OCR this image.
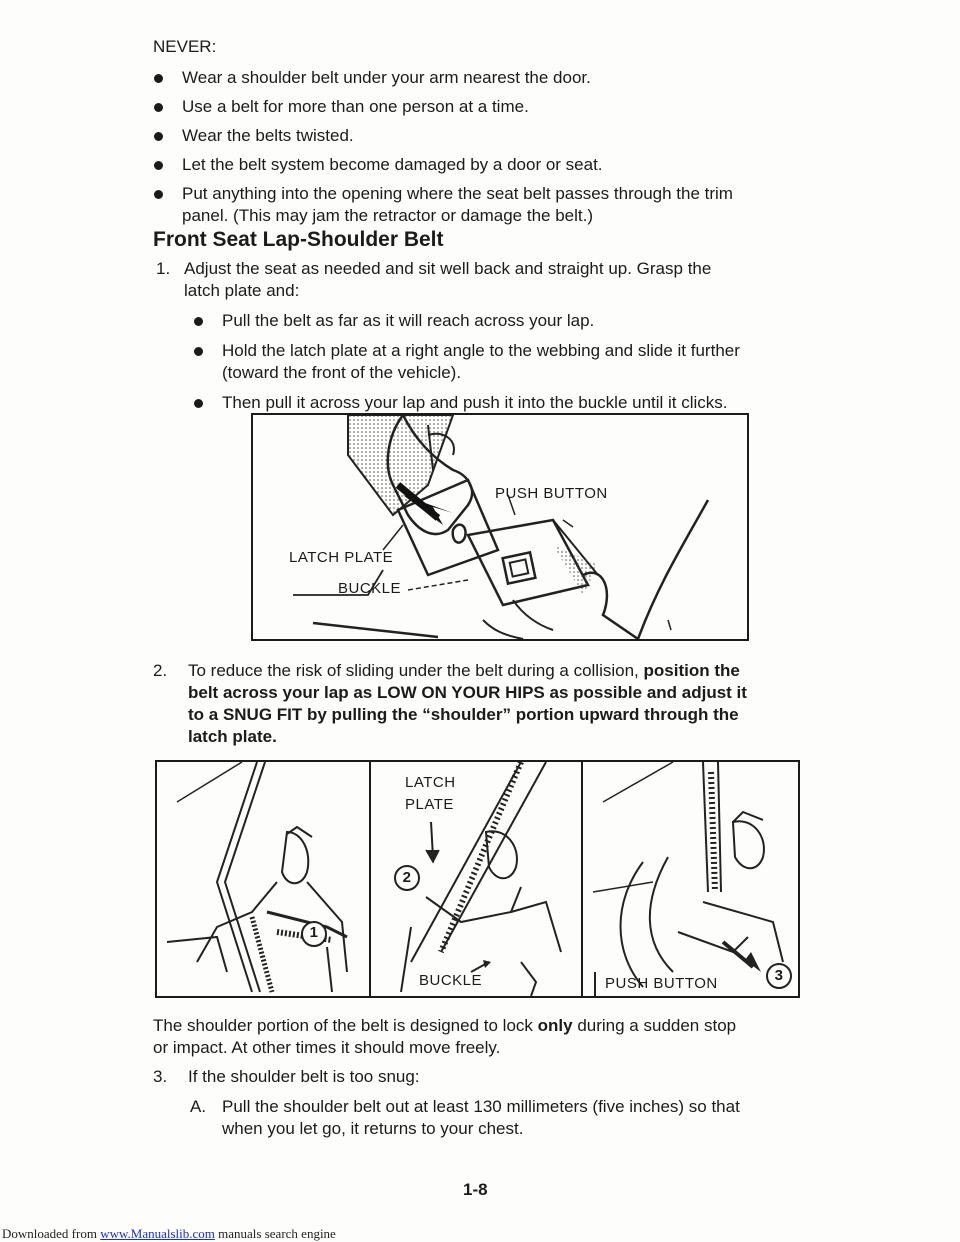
NEVER:
Wear a shoulder belt under your arm nearest the door.
Use a belt for more than one person at a time.
Wear the belts twisted.
Let the belt system become damaged by a door or seat.
Put anything into the opening where the seat belt passes through the trim
panel. (This may jam the retractor or damage the belt.)
Front Seat Lap-Shoulder Belt
1. Adjust the seat as needed and sit well back and straight up. Grasp the
latch plate and:
Pull the belt as far as it will reach across your lap.
Hold the latch plate at a right angle to the webbing and slide it further
(toward the front of the vehicle).
Then pull it across your lap and push it into the buckle until it clicks.
PUSH BUTTON
LATCH PLATE
BUCKLE
2. To reduce the risk of sliding under the belt during a collision, position the
belt across your lap as LOW ON YOUR HIPS as possible and adjust it
to a SNUG FIT by pulling the “shoulder” portion upward through the
latch plate.
1
LATCH
PLATE
2
BUCKLE	3
PUSH BUTTON
The shoulder portion of the belt is designed to lock only during a sudden stop
or impact. At other times it should move freely.
3. If the shoulder belt is too snug:
A. Pull the shoulder belt out at least 130 millimeters (five inches) so that
when you let go, it returns to your chest.
1-8
Downloaded from www.Manualslib.com manuals search engine
